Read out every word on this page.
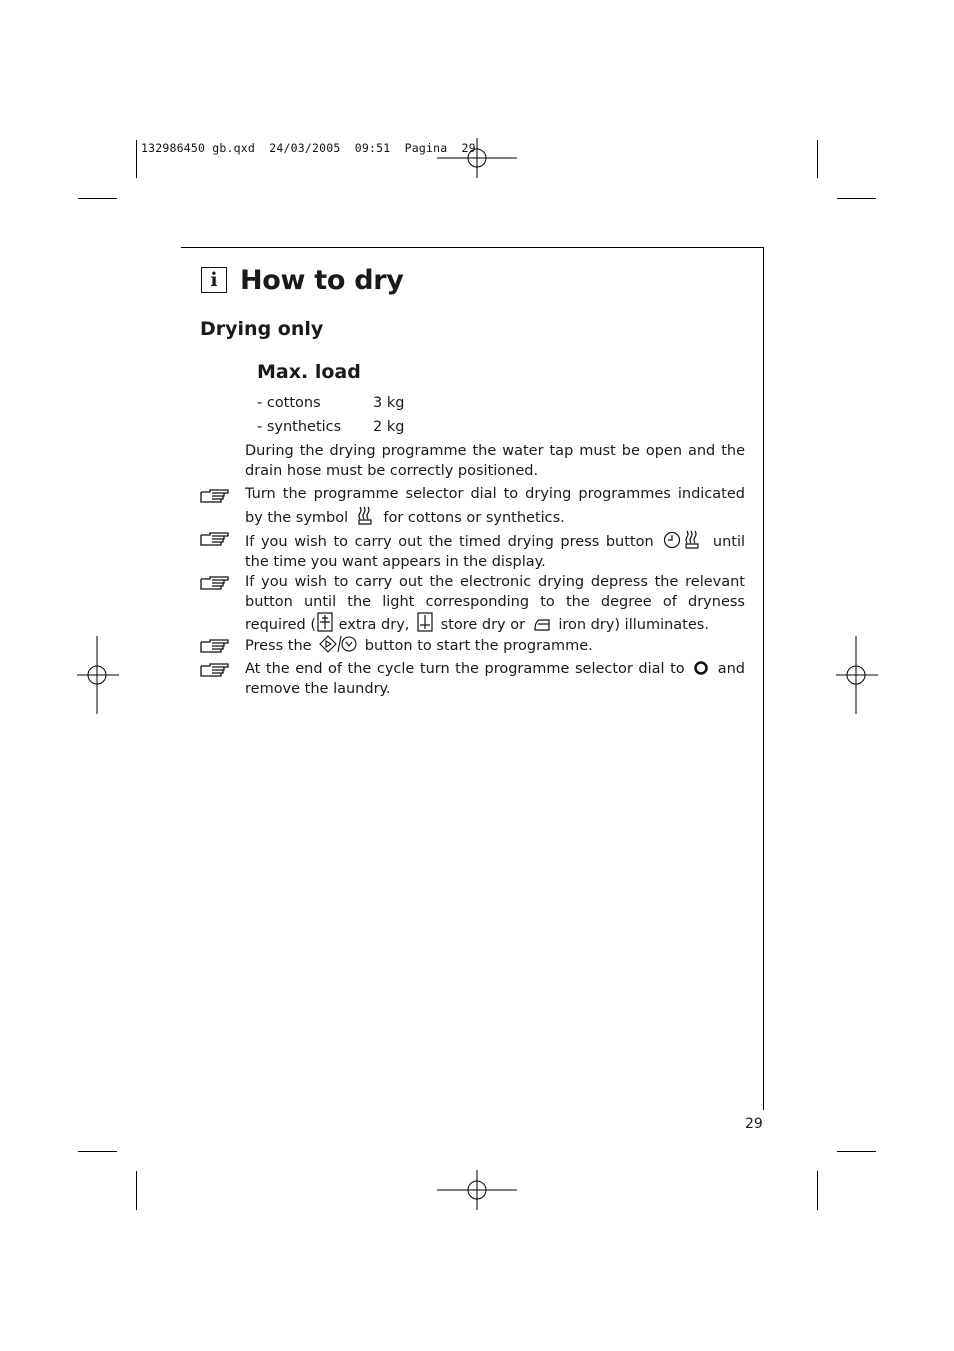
132986450 gb.qxd  24/03/2005  09:51  Pagina  29
i How to dry
Drying only
Max. load
- cottons	3 kg
- synthetics 2 kg

During the drying programme the water tap must be open and the drain hose must be correctly positioned.

Turn the programme selector dial to drying programmes indicated by the symbol for cottons or synthetics.

If you wish to carry out the timed drying press button	until the time you want appears in the display.

If you wish to carry out the electronic drying depress the relevant button until the light corresponding to the degree of dryness required ( extra dry, store dry or iron dry) illuminates.

Press the	button to start the programme.

At the end of the cycle turn the programme selector dial to and remove the laundry.

29
